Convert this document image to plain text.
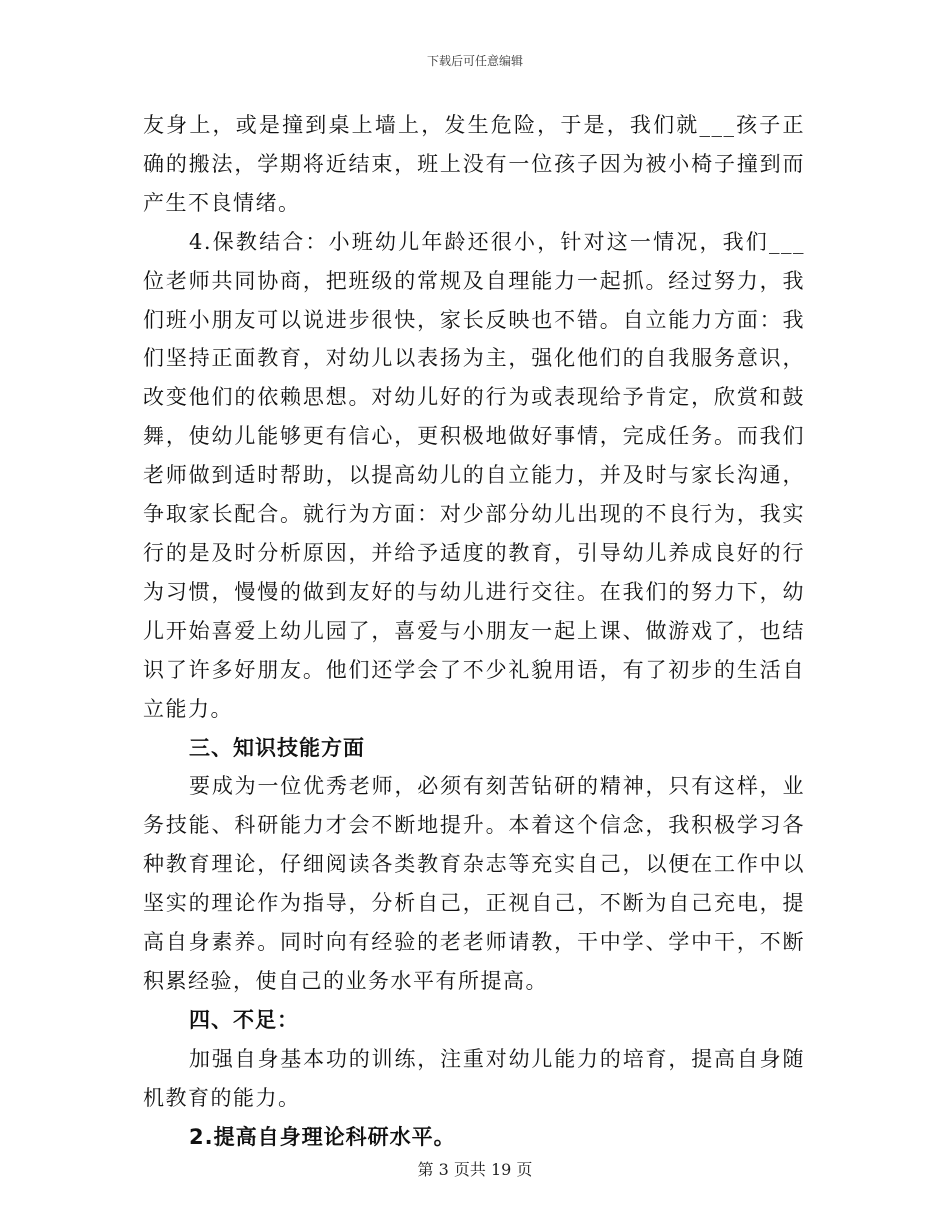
下载后可任意编辑

友身上，或是撞到桌上墙上，发生危险，于是，我们就___孩子正确的搬法，学期将近结束，班上没有一位孩子因为被小椅子撞到而产生不良情绪。

4.保教结合：小班幼儿年龄还很小，针对这一情况，我们___位老师共同协商，把班级的常规及自理能力一起抓。经过努力，我们班小朋友可以说进步很快，家长反映也不错。自立能力方面：我们坚持正面教育，对幼儿以表扬为主，强化他们的自我服务意识，改变他们的依赖思想。对幼儿好的行为或表现给予肯定，欣赏和鼓舞，使幼儿能够更有信心，更积极地做好事情，完成任务。而我们老师做到适时帮助，以提高幼儿的自立能力，并及时与家长沟通，争取家长配合。就行为方面：对少部分幼儿出现的不良行为，我实行的是及时分析原因，并给予适度的教育，引导幼儿养成良好的行为习惯，慢慢的做到友好的与幼儿进行交往。在我们的努力下，幼儿开始喜爱上幼儿园了，喜爱与小朋友一起上课、做游戏了，也结识了许多好朋友。他们还学会了不少礼貌用语，有了初步的生活自立能力。

三、知识技能方面

要成为一位优秀老师，必须有刻苦钻研的精神，只有这样，业务技能、科研能力才会不断地提升。本着这个信念，我积极学习各种教育理论，仔细阅读各类教育杂志等充实自己，以便在工作中以坚实的理论作为指导，分析自己，正视自己，不断为自己充电，提高自身素养。同时向有经验的老老师请教，干中学、学中干，不断积累经验，使自己的业务水平有所提高。

四、不足：

加强自身基本功的训练，注重对幼儿能力的培育，提高自身随机教育的能力。

2.提高自身理论科研水平。

第 3 页共 19 页
